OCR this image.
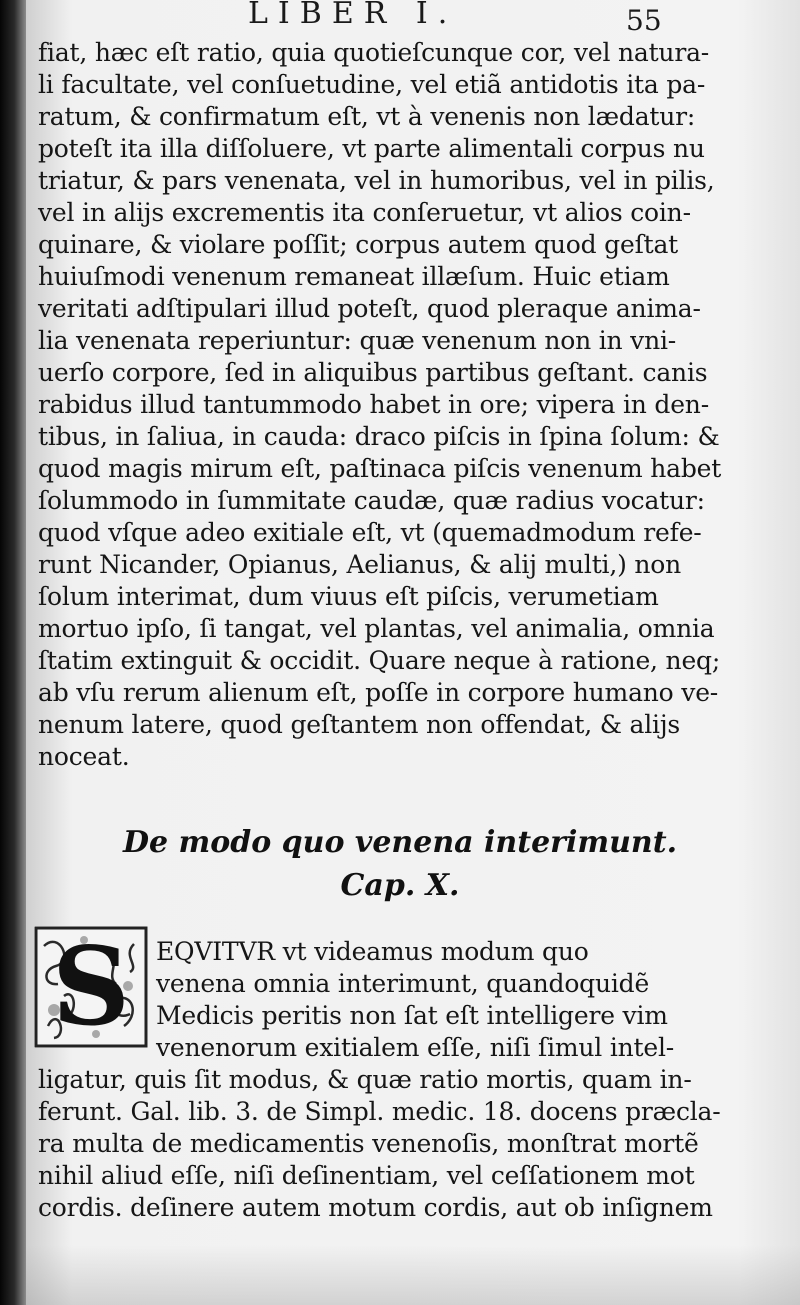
LIBER I.	55
fiat, hæc eſt ratio, quia quotieſcunque cor, vel natura-
li facultate, vel conſuetudine, vel etiã antidotis ita pa-
ratum, & confirmatum eſt, vt à venenis non lædatur:
poteſt ita illa diſſoluere, vt parte alimentali corpus nu
triatur, & pars venenata, vel in humoribus, vel in pilis,
vel in alijs excrementis ita conſeruetur, vt alios coin-
quinare, & violare poſſit; corpus autem quod geſtat
huiuſmodi venenum remaneat illæſum. Huic etiam
veritati adſtipulari illud poteſt, quod pleraque anima-
lia venenata reperiuntur: quæ venenum non in vni-
uerſo corpore, ſed in aliquibus partibus geſtant. canis
rabidus illud tantummodo habet in ore; vipera in den-
tibus, in ſaliua, in cauda: draco piſcis in ſpina ſolum: &
quod magis mirum eſt, paſtinaca piſcis venenum habet
ſolummodo in ſummitate caudæ, quæ radius vocatur:
quod vſque adeo exitiale eſt, vt (quemadmodum refe-
runt Nicander, Opianus, Aelianus, & alij multi,) non
ſolum interimat, dum viuus eſt piſcis, verumetiam
mortuo ipſo, ſi tangat, vel plantas, vel animalia, omnia
ſtatim extinguit & occidit. Quare neque à ratione, neq;
ab vſu rerum alienum eſt, poſſe in corpore humano ve-
nenum latere, quod geſtantem non offendat, & alijs
noceat.
De modo quo venena interimunt.
Cap. X.
S EQVITVR vt videamus modum quo
venena omnia interimunt, quandoquidẽ
Medicis peritis non ſat eſt intelligere vim
venenorum exitialem eſſe, niſi ſimul intel-
ligatur, quis ſit modus, & quæ ratio mortis, quam in-
ferunt. Gal. lib. 3. de Simpl. medic. 18. docens præcla-
ra multa de medicamentis venenoſis, monſtrat mortẽ
nihil aliud eſſe, niſi deſinentiam, vel ceſſationem mot
cordis. deſinere autem motum cordis, aut ob inſignem
